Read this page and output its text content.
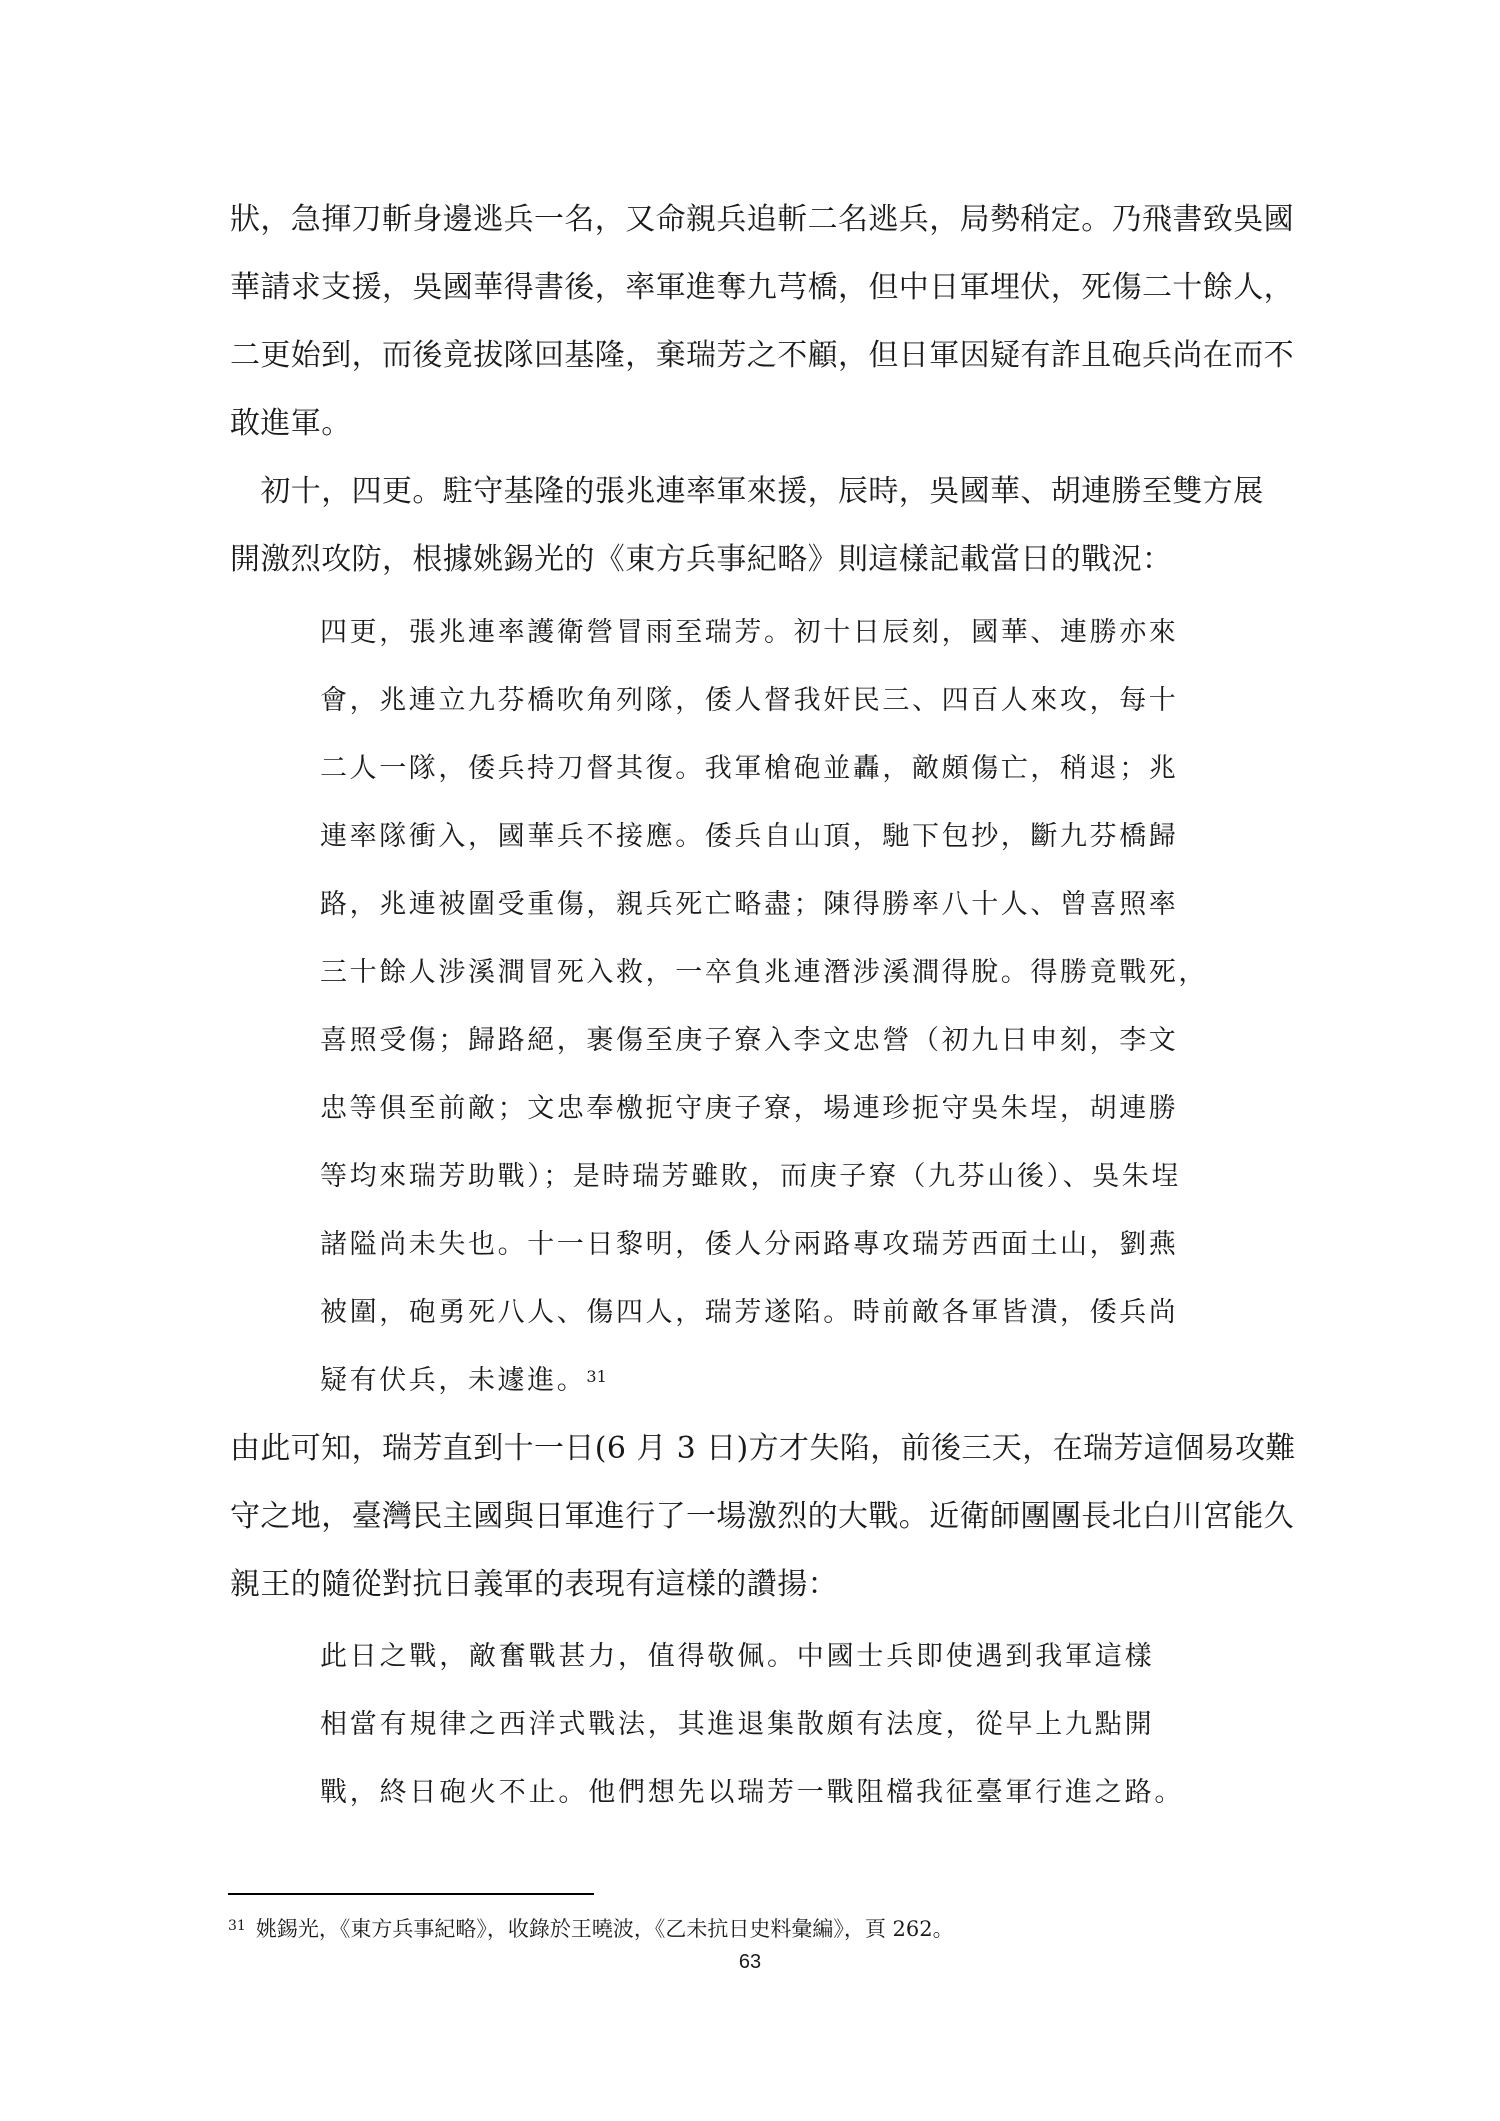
狀，急揮刀斬身邊逃兵一名，又命親兵追斬二名逃兵，局勢稍定。乃飛書致吳國
華請求支援，吳國華得書後，率軍進奪九芎橋，但中日軍埋伏，死傷二十餘人，
二更始到，而後竟拔隊回基隆，棄瑞芳之不顧，但日軍因疑有詐且砲兵尚在而不
敢進軍。
　初十，四更。駐守基隆的張兆連率軍來援，辰時，吳國華、胡連勝至雙方展
開激烈攻防，根據姚錫光的《東方兵事紀略》則這樣記載當日的戰況：
四更，張兆連率護衛營冒雨至瑞芳。初十日辰刻，國華、連勝亦來
會，兆連立九芬橋吹角列隊，倭人督我奸民三、四百人來攻，每十
二人一隊，倭兵持刀督其復。我軍槍砲並轟，敵頗傷亡，稍退；兆
連率隊衝入，國華兵不接應。倭兵自山頂，馳下包抄，斷九芬橋歸
路，兆連被圍受重傷，親兵死亡略盡；陳得勝率八十人、曾喜照率
三十餘人涉溪澗冒死入救，一卒負兆連潛涉溪澗得脫。得勝竟戰死，
喜照受傷；歸路絕，裹傷至庚子寮入李文忠營（初九日申刻，李文
忠等俱至前敵；文忠奉檄扼守庚子寮，場連珍扼守吳朱埕，胡連勝
等均來瑞芳助戰）；是時瑞芳雖敗，而庚子寮（九芬山後）、吳朱埕
諸隘尚未失也。十一日黎明，倭人分兩路專攻瑞芳西面土山，劉燕
被圍，砲勇死八人、傷四人，瑞芳遂陷。時前敵各軍皆潰，倭兵尚
疑有伏兵，未遽進。$^{31}$
由此可知，瑞芳直到十一日(6 月 3 日)方才失陷，前後三天，在瑞芳這個易攻難
守之地，臺灣民主國與日軍進行了一場激烈的大戰。近衛師團團長北白川宮能久
親王的隨從對抗日義軍的表現有這樣的讚揚：
此日之戰，敵奮戰甚力，值得敬佩。中國士兵即使遇到我軍這樣
相當有規律之西洋式戰法，其進退集散頗有法度，從早上九點開
戰，終日砲火不止。他們想先以瑞芳一戰阻檔我征臺軍行進之路。
$^{31}$ 姚錫光，《東方兵事紀略》，收錄於王曉波，《乙未抗日史料彙編》，頁 262。
63
